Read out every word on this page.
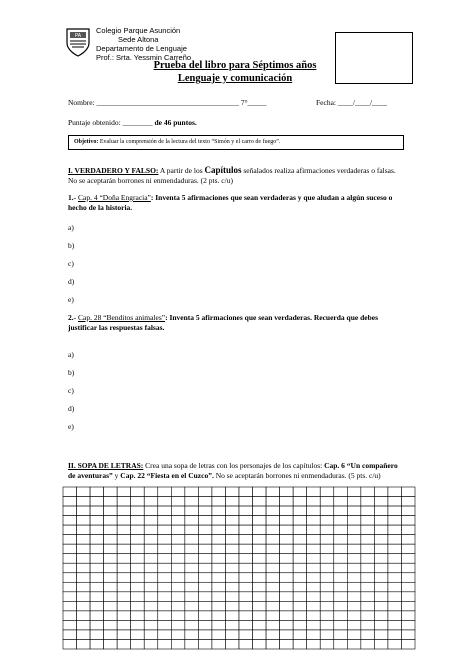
PA
Colegio Parque Asunción
Sede Altona
Departamento de Lenguaje
Prof.: Srta. Yessmin Carreño
Prueba del libro para Séptimos años
Lenguaje y comunicación
Nombre: ______________________________________ 7°_____	Fecha: ____/____/____
Puntaje obtenido: ________ de 46 puntos.
Objetivo: Evaluar la comprensión de la lectura del texto “Simón y el carro de fuego”.
I. VERDADERO Y FALSO: A partir de los Capítulos señalados realiza afirmaciones verdaderas o falsas.
No se aceptarán borrones ni enmendaduras. (2 pts. c/u)
1.- Cap. 4 “Doña Engracia”: Inventa 5 afirmaciones que sean verdaderas y que aludan a algún suceso o
hecho de la historia.
a)
b)
c)
d)
e)
2.- Cap. 28 “Benditos animales”: Inventa 5 afirmaciones que sean verdaderas. Recuerda que debes
justificar las respuestas falsas.
a)
b)
c)
d)
e)
II. SOPA DE LETRAS: Crea una sopa de letras con los personajes de los capítulos: Cap. 6 “Un compañero
de aventuras” y Cap. 22 “Fiesta en el Cuzco”. No se aceptarán borrones ni enmendaduras. (5 pts. c/u)
